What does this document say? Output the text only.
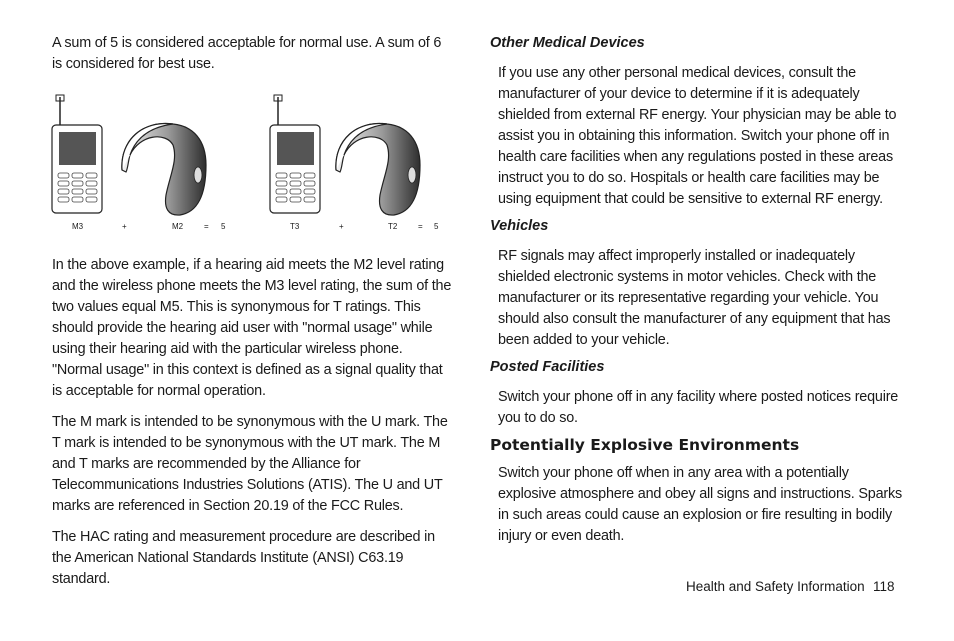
A sum of 5 is considered acceptable for normal use. A sum of 6 is considered for best use.

M3	+	M2	= 5	T3	+	T2	= 5

In the above example, if a hearing aid meets the M2 level rating and the wireless phone meets the M3 level rating, the sum of the two values equal M5. This is synonymous for T ratings. This should provide the hearing aid user with "normal usage" while using their hearing aid with the particular wireless phone. "Normal usage" in this context is defined as a signal quality that is acceptable for normal operation.

The M mark is intended to be synonymous with the U mark. The T mark is intended to be synonymous with the UT mark. The M and T marks are recommended by the Alliance for Telecommunications Industries Solutions (ATIS). The U and UT marks are referenced in Section 20.19 of the FCC Rules.

The HAC rating and measurement procedure are described in the American National Standards Institute (ANSI) C63.19 standard.

Other Medical Devices

If you use any other personal medical devices, consult the manufacturer of your device to determine if it is adequately shielded from external RF energy. Your physician may be able to assist you in obtaining this information. Switch your phone off in health care facilities when any regulations posted in these areas instruct you to do so. Hospitals or health care facilities may be using equipment that could be sensitive to external RF energy.

Vehicles

RF signals may affect improperly installed or inadequately shielded electronic systems in motor vehicles. Check with the manufacturer or its representative regarding your vehicle. You should also consult the manufacturer of any equipment that has been added to your vehicle.

Posted Facilities

Switch your phone off in any facility where posted notices require you to do so.

Potentially Explosive Environments

Switch your phone off when in any area with a potentially explosive atmosphere and obey all signs and instructions. Sparks in such areas could cause an explosion or fire resulting in bodily injury or even death.

Health and Safety Information 118
